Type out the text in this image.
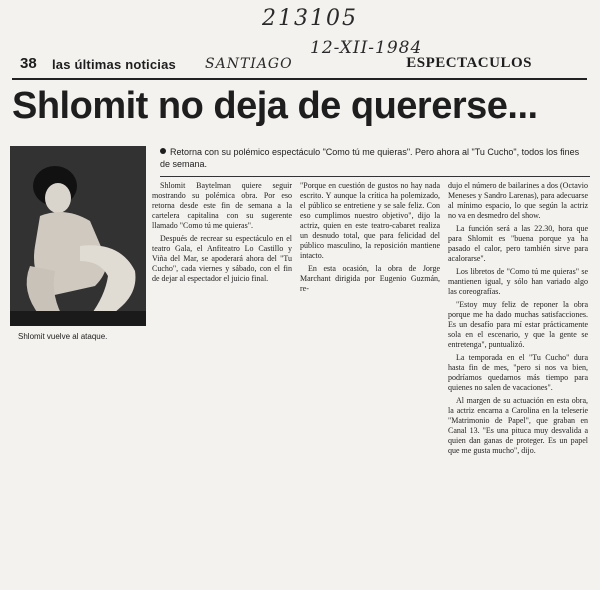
213105
12-XII-1984
SANTIAGO
38 las últimas noticias	ESPECTACULOS
Shlomit no deja de quererse...
Shlomit vuelve al ataque.
Retorna con su polémico espectáculo "Como tú me quieras". Pero ahora al "Tu Cucho", todos los fines de semana.

Shlomit Baytelman quiere seguir mostrando su polémica obra. Por eso retorna desde este fin de semana a la cartelera capitalina con su sugerente llamado "Como tú me quieras".

Después de recrear su espectáculo en el teatro Gala, el Anfiteatro Lo Castillo y Viña del Mar, se apoderará ahora del "Tu Cucho", cada viernes y sábado, con el fin de dejar al espectador el juicio final.

"Porque en cuestión de gustos no hay nada escrito. Y aunque la crítica ha polemizado, el público se entretiene y se sale feliz. Con eso cumplimos nuestro objetivo", dijo la actriz, quien en este teatro-cabaret realiza un desnudo total, que para felicidad del público masculino, la reposición mantiene intacto.

En esta ocasión, la obra de Jorge Marchant dirigida por Eugenio Guzmán, re-

dujo el número de bailarines a dos (Octavio Meneses y Sandro Larenas), para adecuarse al mínimo espacio, lo que según la actriz no va en desmedro del show.

La función será a las 22.30, hora que para Shlomit es "buena porque ya ha pasado el calor, pero también sirve para acalorarse".

Los libretos de "Como tú me quieras" se mantienen igual, y sólo han variado algo las coreografías.

"Estoy muy feliz de reponer la obra porque me ha dado muchas satisfacciones. Es un desafío para mí estar prácticamente sola en el escenario, y que la gente se entretenga", puntualizó.

La temporada en el "Tu Cucho" dura hasta fin de mes, "pero si nos va bien, podríamos quedarnos más tiempo para quienes no salen de vacaciones".

Al margen de su actuación en esta obra, la actriz encarna a Carolina en la teleserie "Matrimonio de Papel", que graban en Canal 13. "Es una pituca muy desvalida a quien dan ganas de proteger. Es un papel que me gusta mucho", dijo.
